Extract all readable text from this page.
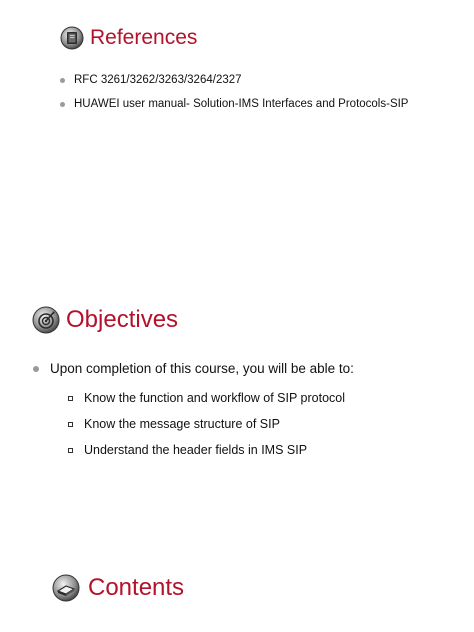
References
RFC 3261/3262/3263/3264/2327
HUAWEI user manual- Solution-IMS Interfaces and Protocols-SIP
Objectives
Upon completion of this course, you will be able to:
Know the function and workflow of SIP protocol
Know the message structure of SIP
Understand the header fields in IMS SIP
Contents
